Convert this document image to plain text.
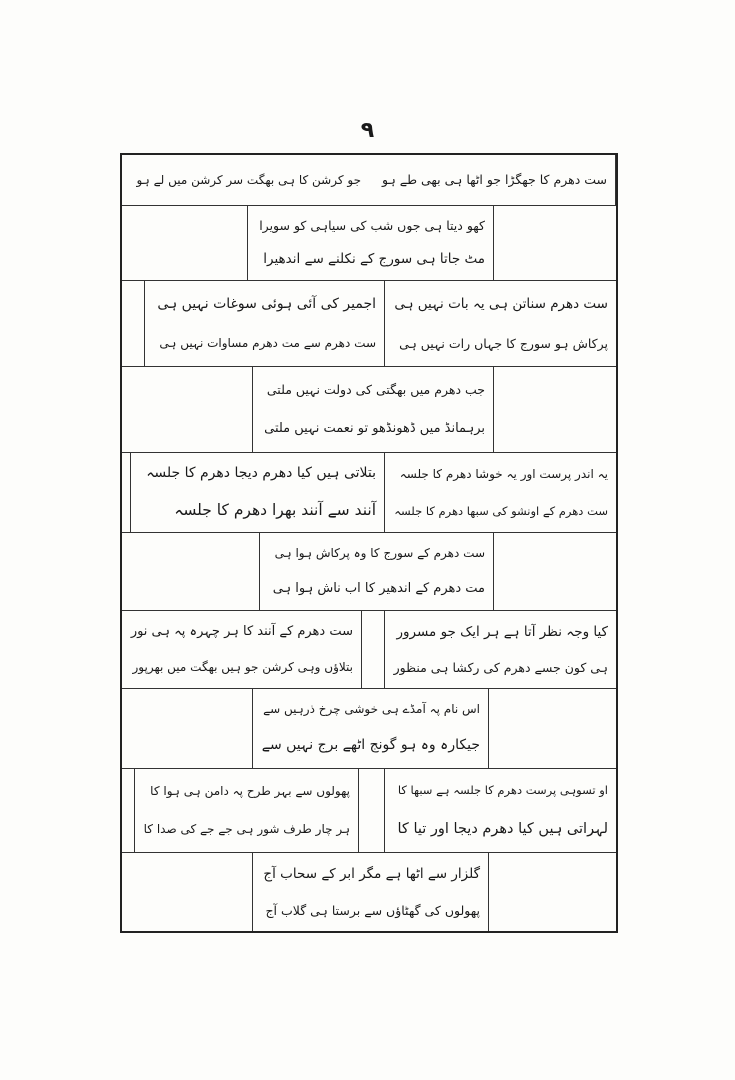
۹
ست دھرم کا جھگڑا جو اٹھا ہی بھی طے ہو
جو کرشن کا ہی بھگت سر کرشن میں لے ہو
کھو دیتا ہی جوں شب کی سیاہی کو سویرا
مٹ جاتا ہی سورج کے نکلنے سے اندھیرا
ست دھرم سناتن ہی یہ بات نہیں ہی
پرکاش ہو سورج کا جہاں رات نہیں ہی
اجمیر کی آئی ہوئی سوغات نہیں ہی
ست دھرم سے مت دھرم مساوات نہیں ہی
جب دھرم میں بھگتی کی دولت نہیں ملتی
برہمانڈ میں ڈھونڈھو تو نعمت نہیں ملتی
یہ اندر پرست اور یہ خوشا دھرم کا جلسہ
ست دھرم کے اونشو کی سبھا دھرم کا جلسہ
بتلاتی ہیں کیا دھرم دیجا دھرم کا جلسہ
آنند سے آنند بھرا دھرم کا جلسہ
ست دھرم کے سورج کا وہ پرکاش ہوا ہی
مت دھرم کے اندھیر کا اب ناش ہوا ہی
کیا وجہ نظر آتا ہے ہر ایک جو مسرور
ہی کون جسے دھرم کی رکشا ہی منظور
ست دھرم کے آنند کا ہر چہرہ پہ ہی نور
بتلاؤں وہی کرشن جو ہیں بھگت میں بھرپور
اس نام پہ آمڈے ہی خوشی چرخ ذرہیں سے
جیکارہ وہ ہو گونج اٹھے برج نہیں سے
او تسوہی پرست دھرم کا جلسہ ہے سبھا کا
لہراتی ہیں کیا دھرم دیجا اور تیا کا
پھولوں سے بہر طرح پہ دامن ہی ہوا کا
ہر چار طرف شور ہی جے جے کی صدا کا
گلزار سے اٹھا ہے مگر ابر کے سحاب آج
پھولوں کی گھٹاؤں سے برستا ہی گلاب آج
